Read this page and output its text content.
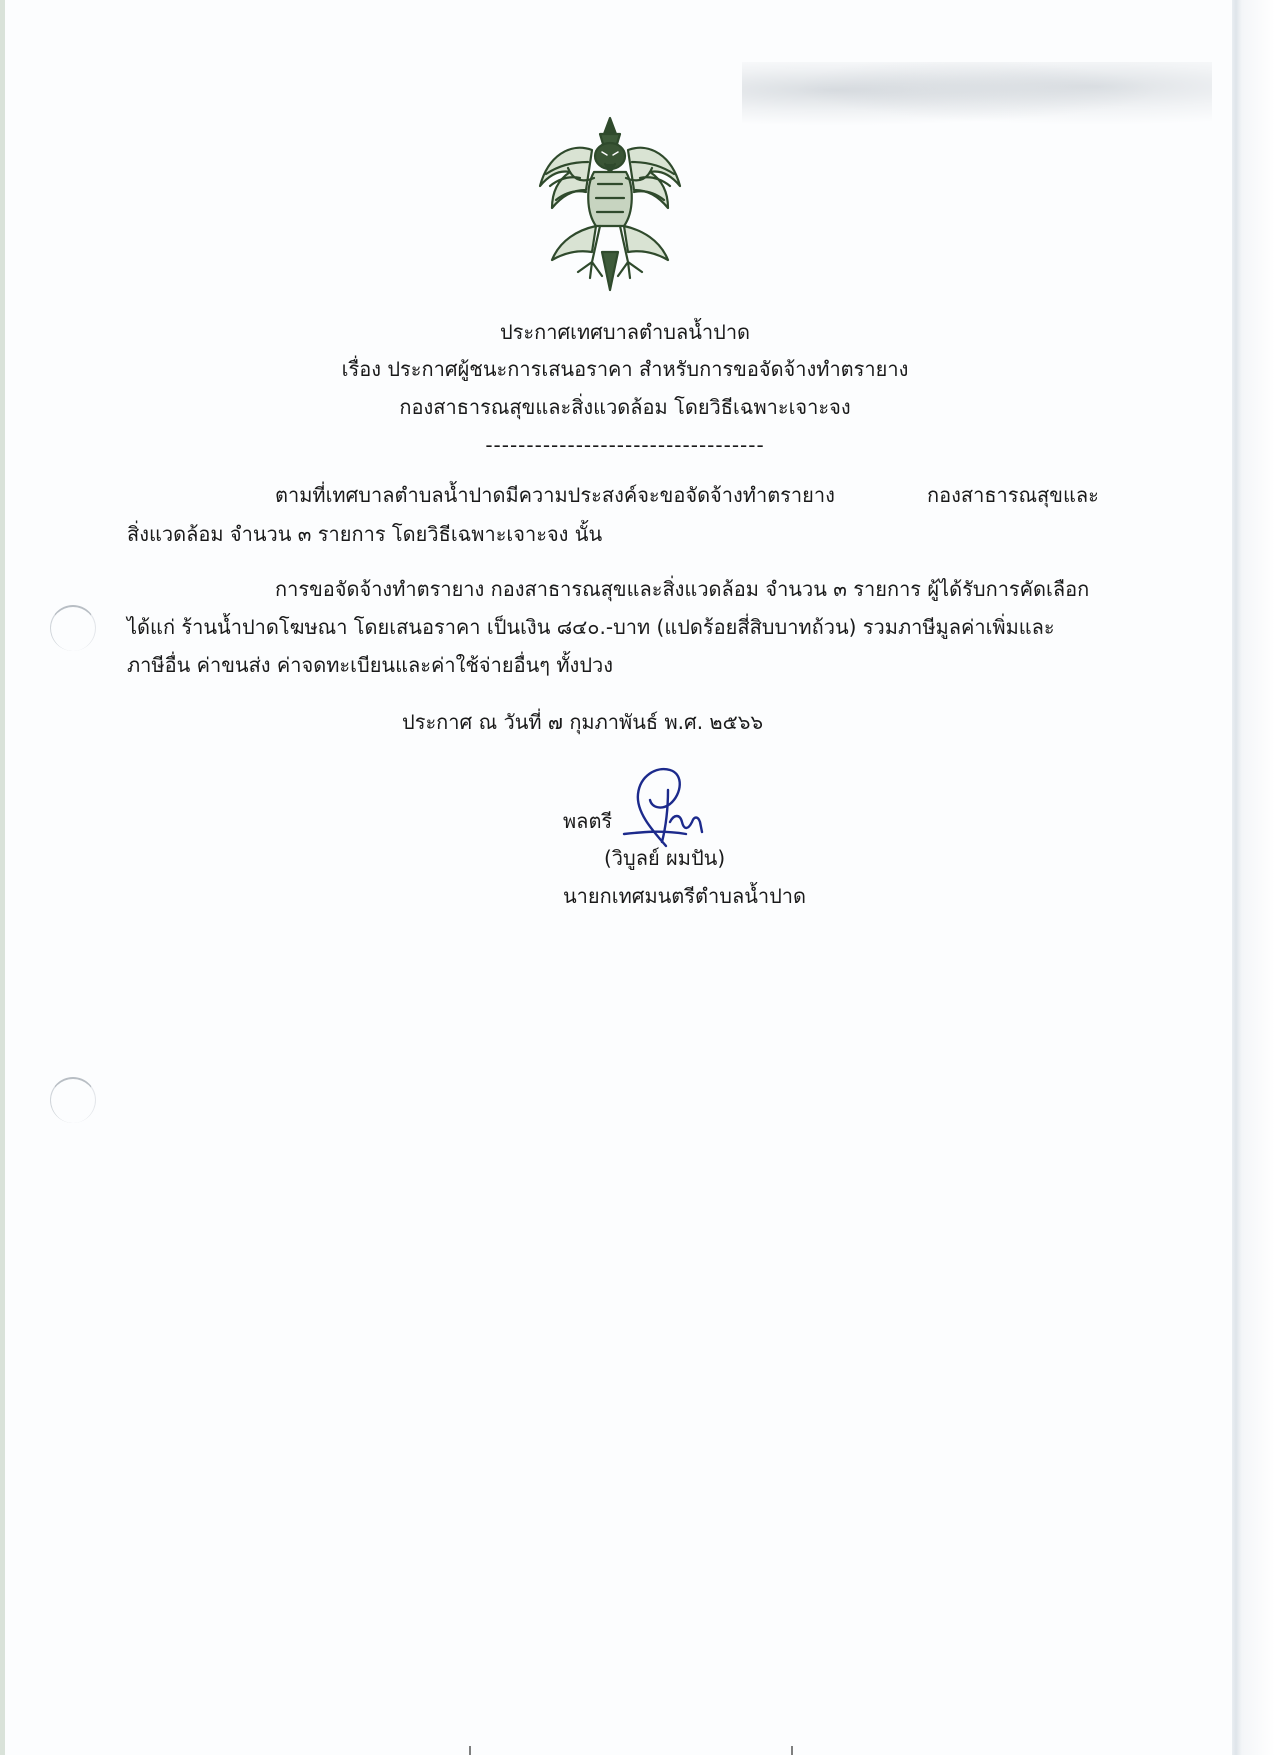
ประกาศเทศบาลตำบลน้ำปาด
เรื่อง ประกาศผู้ชนะการเสนอราคา สำหรับการขอจัดจ้างทำตรายาง
กองสาธารณสุขและสิ่งแวดล้อม โดยวิธีเฉพาะเจาะจง
----------------------------------
ตามที่เทศบาลตำบลน้ำปาดมีความประสงค์จะขอจัดจ้างทำตรายาง	กองสาธารณสุขและ
สิ่งแวดล้อม จำนวน ๓ รายการ โดยวิธีเฉพาะเจาะจง นั้น
การขอจัดจ้างทำตรายาง กองสาธารณสุขและสิ่งแวดล้อม จำนวน ๓ รายการ ผู้ได้รับการคัดเลือก
ได้แก่ ร้านน้ำปาดโฆษณา โดยเสนอราคา เป็นเงิน ๘๔๐.-บาท (แปดร้อยสี่สิบบาทถ้วน) รวมภาษีมูลค่าเพิ่มและ
ภาษีอื่น ค่าขนส่ง ค่าจดทะเบียนและค่าใช้จ่ายอื่นๆ ทั้งปวง
ประกาศ ณ วันที่ ๗ กุมภาพันธ์ พ.ศ. ๒๕๖๖
พลตรี
(วิบูลย์ ผมปัน)
นายกเทศมนตรีตำบลน้ำปาด
